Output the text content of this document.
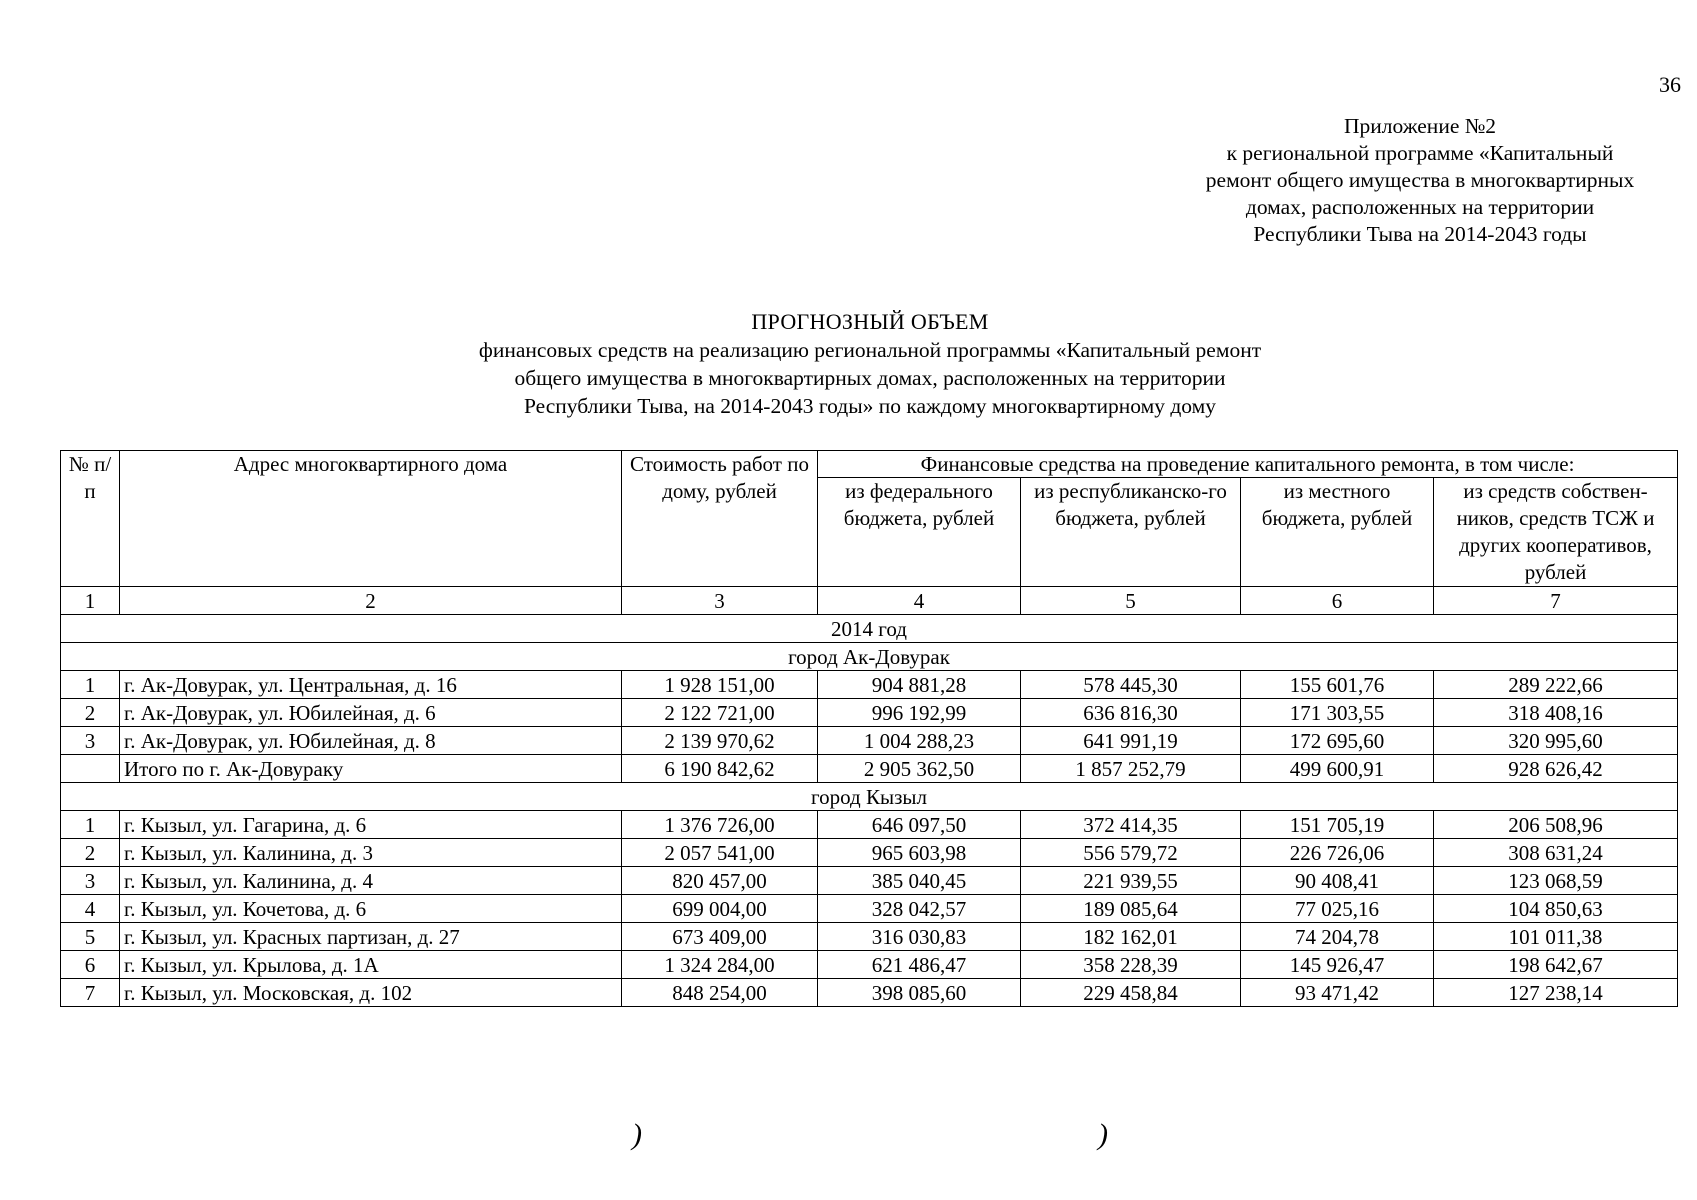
36
Приложение №2
к региональной программе «Капитальный
ремонт общего имущества в многоквартирных
домах, расположенных на территории
Республики Тыва на 2014-2043 годы
ПРОГНОЗНЫЙ ОБЪЕМ
финансовых средств на реализацию региональной программы «Капитальный ремонт
общего имущества в многоквартирных домах, расположенных на территории
Республики Тыва, на 2014-2043 годы» по каждому многоквартирному дому
№ п/п	Адрес многоквартирного дома	Стоимость работ по дому, рублей	Финансовые средства на проведение капитального ремонта, в том числе:			
			из федерального бюджета, рублей	из республиканско-го бюджета, рублей	из местного бюджета, рублей	из средств собствен-ников, средств ТСЖ и других кооперативов, рублей
1	2	3	4	5	6	7
2014 год						
город Ак-Довурак						
1	г. Ак-Довурак, ул. Центральная, д. 16	1 928 151,00	904 881,28	578 445,30	155 601,76	289 222,66
2	г. Ак-Довурак, ул. Юбилейная, д. 6	2 122 721,00	996 192,99	636 816,30	171 303,55	318 408,16
3	г. Ак-Довурак, ул. Юбилейная, д. 8	2 139 970,62	1 004 288,23	641 991,19	172 695,60	320 995,60
	Итого по г. Ак-Довураку	6 190 842,62	2 905 362,50	1 857 252,79	499 600,91	928 626,42
город Кызыл						
1	г. Кызыл, ул. Гагарина, д. 6	1 376 726,00	646 097,50	372 414,35	151 705,19	206 508,96
2	г. Кызыл, ул. Калинина, д. 3	2 057 541,00	965 603,98	556 579,72	226 726,06	308 631,24
3	г. Кызыл, ул. Калинина, д. 4	820 457,00	385 040,45	221 939,55	90 408,41	123 068,59
4	г. Кызыл, ул. Кочетова, д. 6	699 004,00	328 042,57	189 085,64	77 025,16	104 850,63
5	г. Кызыл, ул. Красных партизан, д. 27	673 409,00	316 030,83	182 162,01	74 204,78	101 011,38
6	г. Кызыл, ул. Крылова, д. 1А	1 324 284,00	621 486,47	358 228,39	145 926,47	198 642,67
7	г. Кызыл, ул. Московская, д. 102	848 254,00	398 085,60	229 458,84	93 471,42	127 238,14
)	)
